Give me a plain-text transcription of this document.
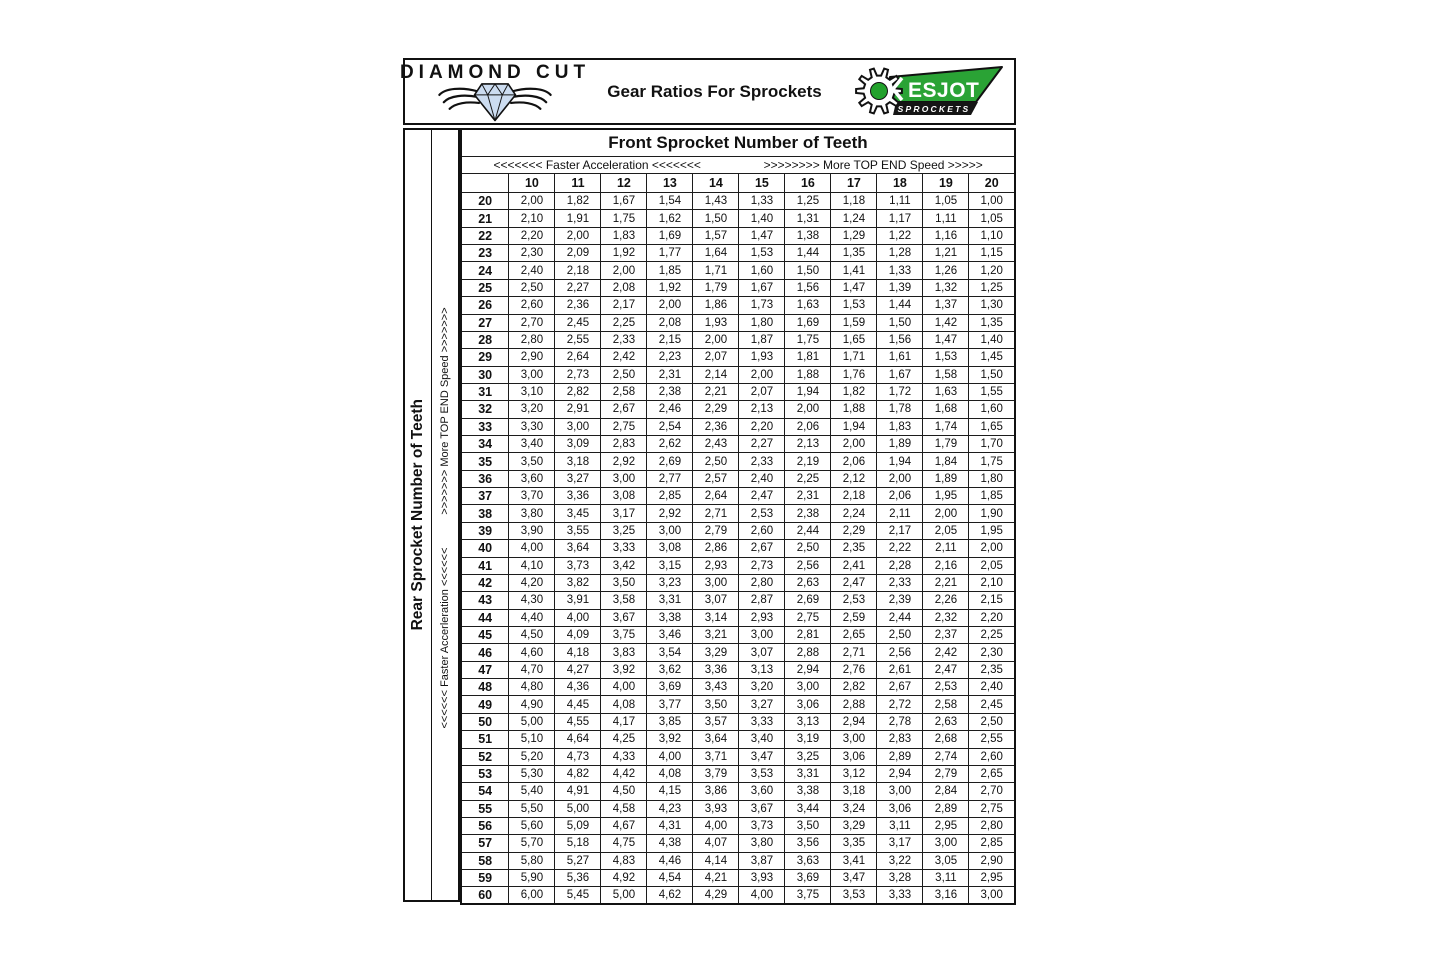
DIAMOND CUT
Gear Ratios For Sprockets
SPROCKETS
ESJOT
Rear Sprocket Number of Teeth >>>>>>> More TOP END Speed >>>>>>>
<<<<<< Faster Accerleration <<<<<<
Front Sprocket Number of Teeth											

<<<<<<< Faster Acceleration <<<<<<< >>>>>>>> More TOP END Speed >>>>>											

	10	11	12	13	14	15	16	17	18	19	20
20	2,00	1,82	1,67	1,54	1,43	1,33	1,25	1,18	1,11	1,05	1,00
21	2,10	1,91	1,75	1,62	1,50	1,40	1,31	1,24	1,17	1,11	1,05
22	2,20	2,00	1,83	1,69	1,57	1,47	1,38	1,29	1,22	1,16	1,10
23	2,30	2,09	1,92	1,77	1,64	1,53	1,44	1,35	1,28	1,21	1,15
24	2,40	2,18	2,00	1,85	1,71	1,60	1,50	1,41	1,33	1,26	1,20
25	2,50	2,27	2,08	1,92	1,79	1,67	1,56	1,47	1,39	1,32	1,25
26	2,60	2,36	2,17	2,00	1,86	1,73	1,63	1,53	1,44	1,37	1,30
27	2,70	2,45	2,25	2,08	1,93	1,80	1,69	1,59	1,50	1,42	1,35
28	2,80	2,55	2,33	2,15	2,00	1,87	1,75	1,65	1,56	1,47	1,40
29	2,90	2,64	2,42	2,23	2,07	1,93	1,81	1,71	1,61	1,53	1,45
30	3,00	2,73	2,50	2,31	2,14	2,00	1,88	1,76	1,67	1,58	1,50
31	3,10	2,82	2,58	2,38	2,21	2,07	1,94	1,82	1,72	1,63	1,55
32	3,20	2,91	2,67	2,46	2,29	2,13	2,00	1,88	1,78	1,68	1,60
33	3,30	3,00	2,75	2,54	2,36	2,20	2,06	1,94	1,83	1,74	1,65
34	3,40	3,09	2,83	2,62	2,43	2,27	2,13	2,00	1,89	1,79	1,70
35	3,50	3,18	2,92	2,69	2,50	2,33	2,19	2,06	1,94	1,84	1,75
36	3,60	3,27	3,00	2,77	2,57	2,40	2,25	2,12	2,00	1,89	1,80
37	3,70	3,36	3,08	2,85	2,64	2,47	2,31	2,18	2,06	1,95	1,85
38	3,80	3,45	3,17	2,92	2,71	2,53	2,38	2,24	2,11	2,00	1,90
39	3,90	3,55	3,25	3,00	2,79	2,60	2,44	2,29	2,17	2,05	1,95
40	4,00	3,64	3,33	3,08	2,86	2,67	2,50	2,35	2,22	2,11	2,00
41	4,10	3,73	3,42	3,15	2,93	2,73	2,56	2,41	2,28	2,16	2,05
42	4,20	3,82	3,50	3,23	3,00	2,80	2,63	2,47	2,33	2,21	2,10
43	4,30	3,91	3,58	3,31	3,07	2,87	2,69	2,53	2,39	2,26	2,15
44	4,40	4,00	3,67	3,38	3,14	2,93	2,75	2,59	2,44	2,32	2,20
45	4,50	4,09	3,75	3,46	3,21	3,00	2,81	2,65	2,50	2,37	2,25
46	4,60	4,18	3,83	3,54	3,29	3,07	2,88	2,71	2,56	2,42	2,30
47	4,70	4,27	3,92	3,62	3,36	3,13	2,94	2,76	2,61	2,47	2,35
48	4,80	4,36	4,00	3,69	3,43	3,20	3,00	2,82	2,67	2,53	2,40
49	4,90	4,45	4,08	3,77	3,50	3,27	3,06	2,88	2,72	2,58	2,45
50	5,00	4,55	4,17	3,85	3,57	3,33	3,13	2,94	2,78	2,63	2,50
51	5,10	4,64	4,25	3,92	3,64	3,40	3,19	3,00	2,83	2,68	2,55
52	5,20	4,73	4,33	4,00	3,71	3,47	3,25	3,06	2,89	2,74	2,60
53	5,30	4,82	4,42	4,08	3,79	3,53	3,31	3,12	2,94	2,79	2,65
54	5,40	4,91	4,50	4,15	3,86	3,60	3,38	3,18	3,00	2,84	2,70
55	5,50	5,00	4,58	4,23	3,93	3,67	3,44	3,24	3,06	2,89	2,75
56	5,60	5,09	4,67	4,31	4,00	3,73	3,50	3,29	3,11	2,95	2,80
57	5,70	5,18	4,75	4,38	4,07	3,80	3,56	3,35	3,17	3,00	2,85
58	5,80	5,27	4,83	4,46	4,14	3,87	3,63	3,41	3,22	3,05	2,90
59	5,90	5,36	4,92	4,54	4,21	3,93	3,69	3,47	3,28	3,11	2,95
60	6,00	5,45	5,00	4,62	4,29	4,00	3,75	3,53	3,33	3,16	3,00
